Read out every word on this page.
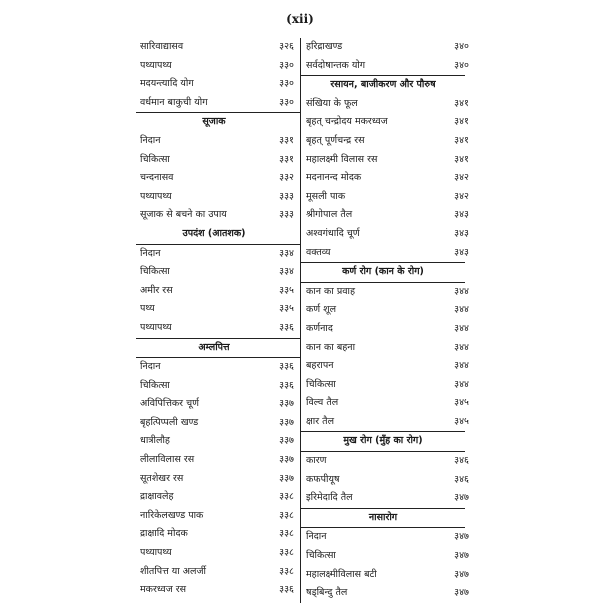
(xii)
सारिवाद्यासव	३२६
पथ्यापथ्य	३३०
मदयन्त्यादि योग	३३०
वर्धमान बाकुची योग	३३०
सूजाक
निदान	३३१
चिकित्सा	३३१
चन्दनासव	३३२
पथ्यापथ्य	३३३
सूजाक से बचने का उपाय	३३३
उपदंश (आतशक)
निदान	३३४
चिकित्सा	३३४
अमीर रस	३३५
पथ्य	३३५
पथ्यापथ्य	३३६
अम्लपित्त
निदान	३३६
चिकित्सा	३३६
अविपित्तिकर चूर्ण	३३७
बृहत्पिप्पली खण्ड	३३७
धात्रीलौह	३३७
लीलाविलास रस	३३७
सूतशेखर रस	३३७
द्राक्षावलेह	३३८
नारिकेलखण्ड पाक	३३८
द्राक्षादि मोदक	३३८
पथ्यापथ्य	३३८
शीतपित्त या अलर्जी	३३८
मकरध्वज रस	३३६
हरिद्राखण्ड	३४०
सर्वदोषान्तक योग	३४०
रसायन, बाजीकरण और पौरुष
संखिया के फूल	३४१
बृहत् चन्द्रोदय मकरध्वज	३४१
बृहत् पूर्णचन्द्र रस	३४१
महालक्ष्मी विलास रस	३४१
मदनानन्द मोदक	३४२
मूसली पाक	३४२
श्रीगोपाल तैल	३४३
अश्वगंधादि चूर्ण	३४३
वक्तव्य	३४३
कर्ण रोग (कान के रोग)
कान का प्रवाह	३४४
कर्ण शूल	३४४
कर्णनाद	३४४
कान का बहना	३४४
बहरापन	३४४
चिकित्सा	३४४
विल्व तैल	३४५
क्षार तैल	३४५
मुख रोग (मुँह का रोग)
कारण	३४६
कफपीयूष	३४६
इरिमेदादि तैल	३४७
नासारोग
निदान	३४७
चिकित्सा	३४७
महालक्ष्मीविलास बटी	३४७
षड्बिन्दु तैल	३४७
